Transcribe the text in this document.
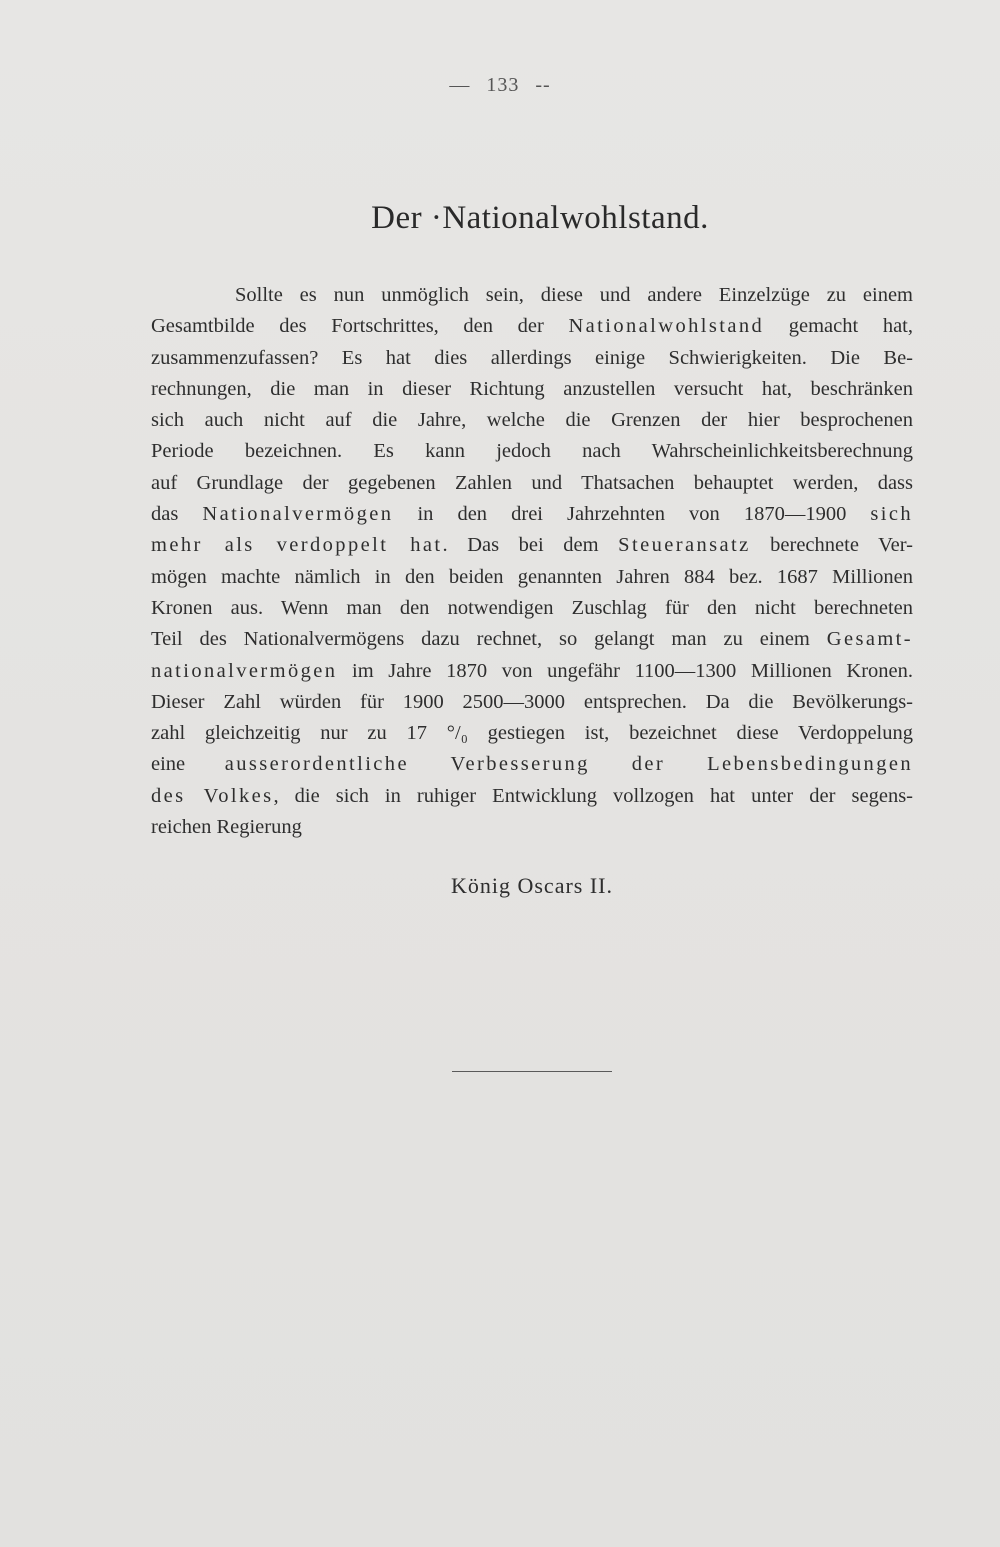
— 133 --
Der ·Nationalwohlstand.
Sollte es nun unmöglich sein, diese und andere Einzelzüge zu einem
Gesamtbilde des Fortschrittes, den der Nationalwohlstand gemacht hat,
zusammenzufassen? Es hat dies allerdings einige Schwierigkeiten. Die Be-
rechnungen, die man in dieser Richtung anzustellen versucht hat, beschränken
sich auch nicht auf die Jahre, welche die Grenzen der hier besprochenen
Periode bezeichnen. Es kann jedoch nach Wahrscheinlichkeitsberechnung
auf Grundlage der gegebenen Zahlen und Thatsachen behauptet werden, dass
das Nationalvermögen in den drei Jahrzehnten von 1870—1900 sich
mehr als verdoppelt hat. Das bei dem Steueransatz berechnete Ver-
mögen machte nämlich in den beiden genannten Jahren 884 bez. 1687 Millionen
Kronen aus. Wenn man den notwendigen Zuschlag für den nicht berechneten
Teil des Nationalvermögens dazu rechnet, so gelangt man zu einem Gesamt-
nationalvermögen im Jahre 1870 von ungefähr 1100—1300 Millionen Kronen.
Dieser Zahl würden für 1900 2500—3000 entsprechen. Da die Bevölkerungs-
zahl gleichzeitig nur zu 17 °/₀ gestiegen ist, bezeichnet diese Verdoppelung
eine ausserordentliche Verbesserung der Lebensbedingungen
des Volkes, die sich in ruhiger Entwicklung vollzogen hat unter der segens-
reichen Regierung
König Oscars II.
